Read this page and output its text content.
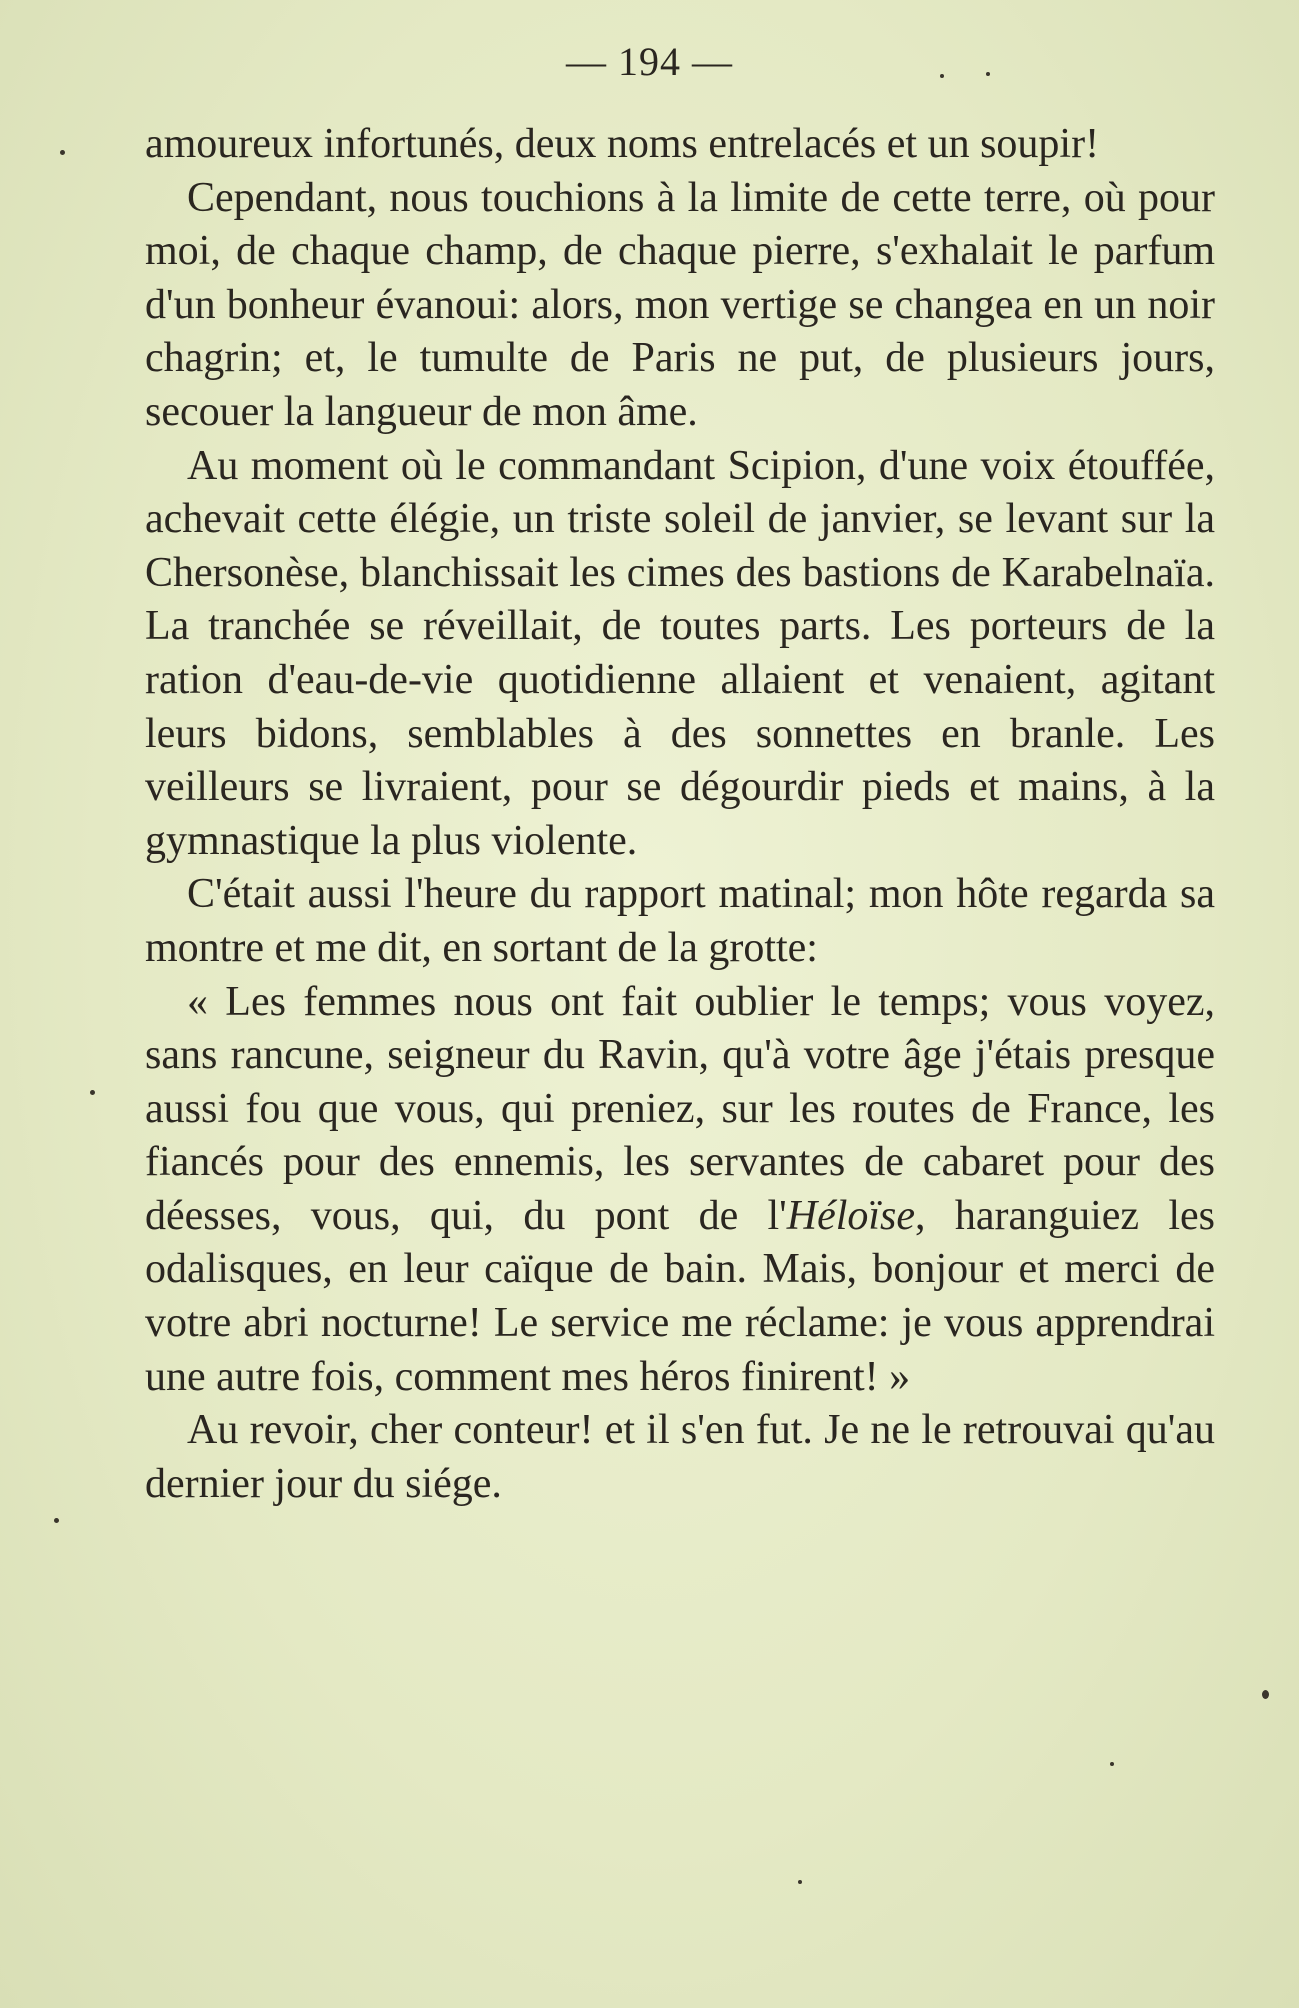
— 194 —

amoureux infortunés, deux noms entrelacés et un soupir!

Cependant, nous touchions à la limite de cette terre, où pour moi, de chaque champ, de chaque pierre, s'exhalait le parfum d'un bonheur évanoui: alors, mon vertige se changea en un noir chagrin; et, le tumulte de Paris ne put, de plusieurs jours, secouer la langueur de mon âme.

Au moment où le commandant Scipion, d'une voix étouffée, achevait cette élégie, un triste soleil de janvier, se levant sur la Chersonèse, blanchissait les cimes des bastions de Karabelnaïa. La tranchée se réveillait, de toutes parts. Les porteurs de la ration d'eau-de-vie quotidienne allaient et venaient, agitant leurs bidons, semblables à des sonnettes en branle. Les veilleurs se livraient, pour se dégourdir pieds et mains, à la gymnastique la plus violente.

C'était aussi l'heure du rapport matinal; mon hôte regarda sa montre et me dit, en sortant de la grotte:

« Les femmes nous ont fait oublier le temps; vous voyez, sans rancune, seigneur du Ravin, qu'à votre âge j'étais presque aussi fou que vous, qui preniez, sur les routes de France, les fiancés pour des ennemis, les servantes de cabaret pour des déesses, vous, qui, du pont de l'Héloïse, haranguiez les odalisques, en leur caïque de bain. Mais, bonjour et merci de votre abri nocturne! Le service me réclame: je vous apprendrai une autre fois, comment mes héros finirent! »

Au revoir, cher conteur! et il s'en fut. Je ne le retrouvai qu'au dernier jour du siége.
